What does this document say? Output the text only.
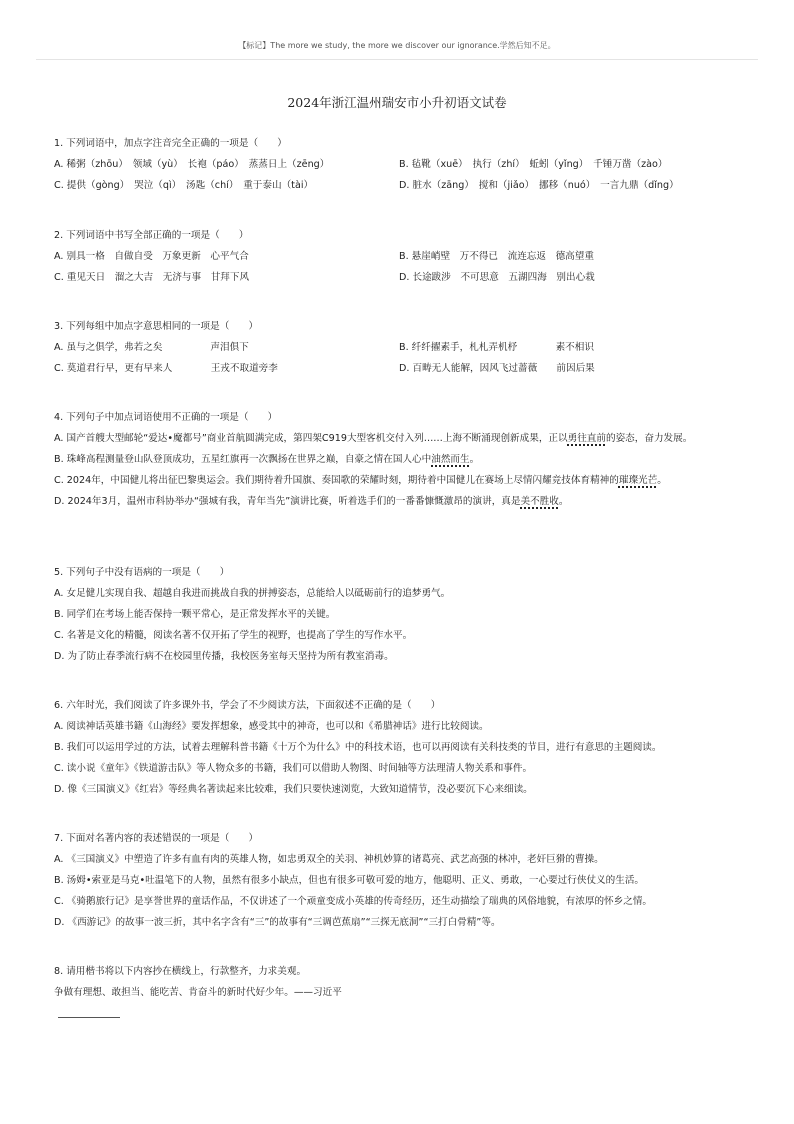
【标记】The more we study, the more we discover our ignorance.学然后知不足。
2024年浙江温州瑞安市小升初语文试卷
1. 下列词语中，加点字注音完全正确的一项是（　　）
A. 稀粥（zhōu）　领域（yù）　长袍（páo）　蒸蒸日上（zēng）	B. 毡靴（xuē）　执行（zhí）　蚯蚓（yǐng）　千锤万凿（zào）
C. 提供（gòng）　哭泣（qì）　汤匙（chí）　重于泰山（tài）	D. 脏水（zāng）　搅和（jiǎo）　挪移（nuó）　一言九鼎（dǐng）
2. 下列词语中书写全部正确的一项是（　　）
A. 别具一格　自做自受　万象更新　心平气合	B. 悬崖峭壁　万不得已　流连忘返　德高望重
C. 重见天日　溜之大吉　无济与事　甘拜下风	D. 长途跋涉　不可思意　五湖四海　别出心栽
3. 下列每组中加点字意思相同的一项是（　　）
A. 虽与之俱学，弗若之矣　　　　　声泪俱下	B. 纤纤擢素手，札札弄机杼　　　　素不相识
C. 莫道君行早，更有早来人　　　　王戎不取道旁李	D. 百畴无人能解，因风飞过蔷薇　　前因后果
4. 下列句子中加点词语使用不正确的一项是（　　）
A. 国产首艘大型邮轮“爱达•魔都号”商业首航圆满完成，第四架C919大型客机交付入列……上海不断涌现创新成果，正以勇往直前的姿态，奋力发展。
B. 珠峰高程测量登山队登顶成功，五星红旗再一次飘扬在世界之巅，自豪之情在国人心中油然而生。
C. 2024年，中国健儿将出征巴黎奥运会。我们期待着升国旗、奏国歌的荣耀时刻，期待着中国健儿在赛场上尽情闪耀竞技体育精神的璀璨光芒。
D. 2024年3月，温州市科协举办“强城有我，青年当先”演讲比赛，听着选手们的一番番慷慨激昂的演讲，真是美不胜收。
5. 下列句子中没有语病的一项是（　　）
A. 女足健儿实现自我、超越自我进而挑战自我的拼搏姿态，总能给人以砥砺前行的追梦勇气。
B. 同学们在考场上能否保持一颗平常心，是正常发挥水平的关键。
C. 名著是文化的精髓，阅读名著不仅开拓了学生的视野，也提高了学生的写作水平。
D. 为了防止春季流行病不在校园里传播，我校医务室每天坚持为所有教室消毒。
6. 六年时光，我们阅读了许多课外书，学会了不少阅读方法，下面叙述不正确的是（　　）
A. 阅读神话英雄书籍《山海经》要发挥想象，感受其中的神奇，也可以和《希腊神话》进行比较阅读。
B. 我们可以运用学过的方法，试着去理解科普书籍《十万个为什么》中的科技术语，也可以再阅读有关科技类的节目，进行有意思的主题阅读。
C. 读小说《童年》《铁道游击队》等人物众多的书籍，我们可以借助人物图、时间轴等方法理清人物关系和事件。
D. 像《三国演义》《红岩》等经典名著读起来比较难，我们只要快速浏览，大致知道情节，没必要沉下心来细读。
7. 下面对名著内容的表述错误的一项是（　　）
A. 《三国演义》中塑造了许多有血有肉的英雄人物，如忠勇双全的关羽、神机妙算的诸葛亮、武艺高强的林冲，老奸巨猾的曹操。
B. 汤姆•索亚是马克•吐温笔下的人物，虽然有很多小缺点，但也有很多可敬可爱的地方，他聪明、正义、勇敢，一心要过行侠仗义的生活。
C. 《骑鹅旅行记》是享誉世界的童话作品，不仅讲述了一个顽童变成小英雄的传奇经历，还生动描绘了瑞典的风俗地貌，有浓厚的怀乡之情。
D. 《西游记》的故事一波三折，其中名字含有“三”的故事有“三调芭蕉扇”“三探无底洞”“三打白骨精”等。
8. 请用楷书将以下内容抄在横线上，行款整齐，力求美观。
争做有理想、敢担当、能吃苦、肯奋斗的新时代好少年。——习近平
